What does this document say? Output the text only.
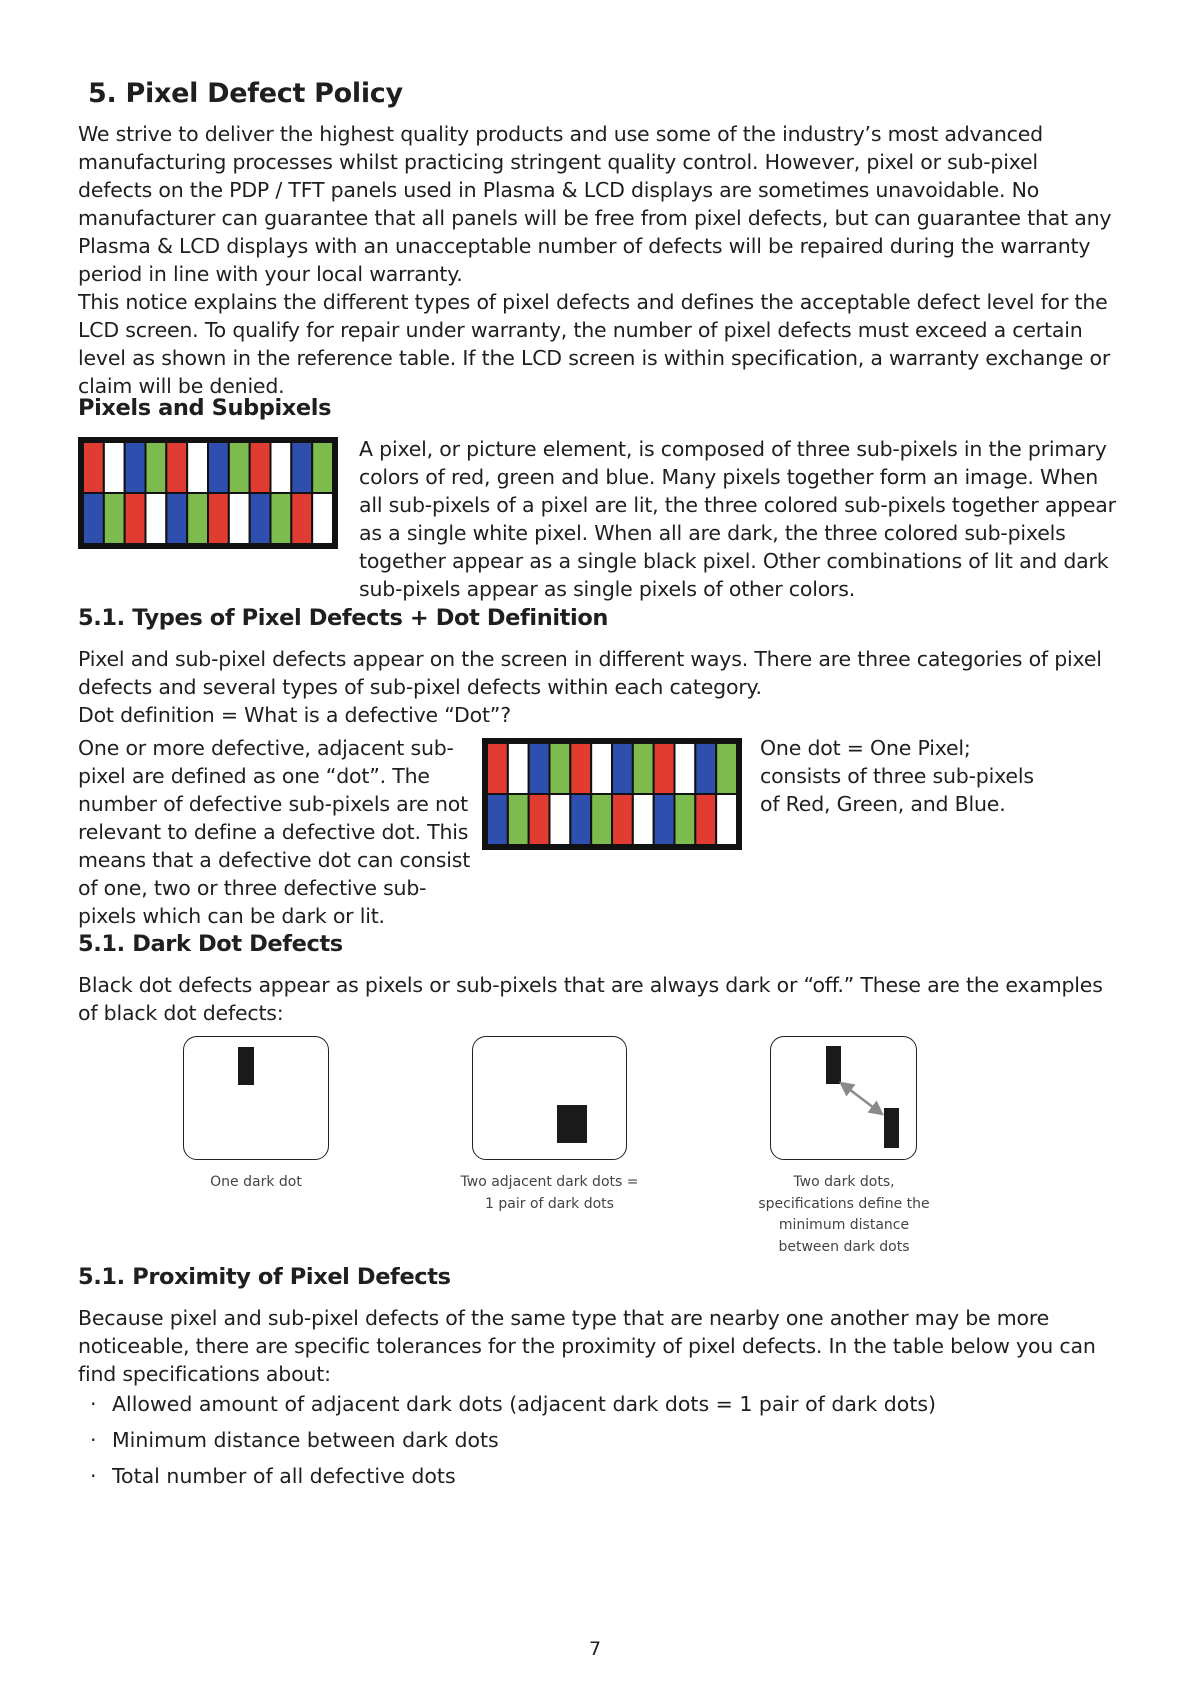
5. Pixel Defect Policy

We strive to deliver the highest quality products and use some of the industry’s most advanced manufacturing processes whilst practicing stringent quality control. However, pixel or sub-pixel defects on the PDP / TFT panels used in Plasma & LCD displays are sometimes unavoidable. No manufacturer can guarantee that all panels will be free from pixel defects, but can guarantee that any Plasma & LCD displays with an unacceptable number of defects will be repaired during the warranty period in line with your local warranty.

This notice explains the different types of pixel defects and defines the acceptable defect level for the LCD screen. To qualify for repair under warranty, the number of pixel defects must exceed a certain level as shown in the reference table. If the LCD screen is within specification, a warranty exchange or claim will be denied.

Pixels and Subpixels

A pixel, or picture element, is composed of three sub-pixels in the primary colors of red, green and blue. Many pixels together form an image. When all sub-pixels of a pixel are lit, the three colored sub-pixels together appear as a single white pixel. When all are dark, the three colored sub-pixels together appear as a single black pixel. Other combinations of lit and dark sub-pixels appear as single pixels of other colors.

5.1. Types of Pixel Defects + Dot Definition

Pixel and sub-pixel defects appear on the screen in different ways. There are three categories of pixel defects and several types of sub-pixel defects within each category.

Dot definition = What is a defective “Dot”?

One or more defective, adjacent sub-pixel are defined as one “dot”. The number of defective sub-pixels are not relevant to define a defective dot. This means that a defective dot can consist of one, two or three defective sub-pixels which can be dark or lit.

One dot = One Pixel; consists of three sub-pixels of Red, Green, and Blue.

5.1. Dark Dot Defects

Black dot defects appear as pixels or sub-pixels that are always dark or “off.” These are the examples of black dot defects:

One dark dot	Two adjacent dark dots =
1 pair of dark dots
Two dark dots,
specifications define the
minimum distance
between dark dots
5.1. Proximity of Pixel Defects

Because pixel and sub-pixel defects of the same type that are nearby one another may be more noticeable, there are specific tolerances for the proximity of pixel defects. In the table below you can find specifications about:

· Allowed amount of adjacent dark dots (adjacent dark dots = 1 pair of dark dots)
· Minimum distance between dark dots
· Total number of all defective dots
7
